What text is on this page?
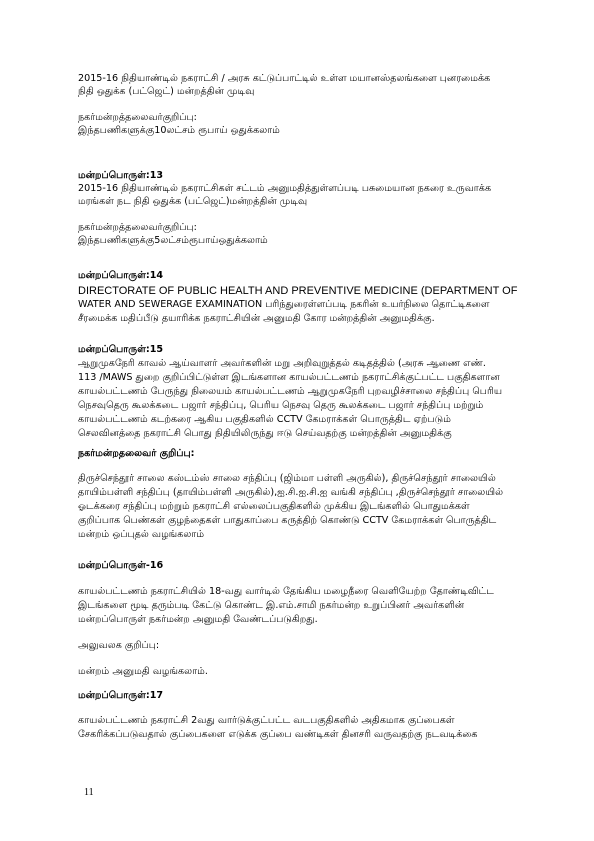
2015-16 நிதியாண்டில் நகராட்சி / அரசு கட்டுப்பாட்டில் உள்ள மயானஸ்தலங்களை புனரமைக்க
நிதி ஒதுக்க (பட்ஜெட்) மன்றத்தின் முடிவு
நகர்மன்றத்தலைவர்குறிப்பு:
இந்தபணிகளுக்கு10லட்சம் ரூபாய் ஒதுக்கலாம்
மன்றப்பொருள்:13
2015-16 நிதியாண்டில் நகராட்சிகள் சட்டம் அனுமதித்துள்ளப்படி பசுமையான நகரை உருவாக்க
மரங்கள் நட நிதி ஒதுக்க (பட்ஜெட்)மன்றத்தின் முடிவு
நகர்மன்றத்தலைவர்குறிப்பு:
இந்தபணிகளுக்கு5லட்சம்ரூபாய்ஒதுக்கலாம்
மன்றப்பொருள்:14
DIRECTORATE OF PUBLIC HEALTH AND PREVENTIVE MEDICINE (DEPARTMENT OF
WATER AND SEWERAGE EXAMINATION பரிந்துரைள்ளப்படி நகரின் உயர்நிலை தொட்டிகளை
சீரமைக்க மதிப்பீடு தயாரிக்க நகராட்சியின் அனுமதி கோர மன்றத்தின் அனுமதிக்கு.
மன்றப்பொருள்:15
ஆறுமுகநேரி காவல் ஆய்வாளர் அவர்களின் மறு அறிவுறுத்தல் கடிதத்தில் (அரசு ஆணை எண்.
113 /MAWS துறை குறிப்பிட்டுள்ள இடங்களான காயல்பட்டணம் நகராட்சிக்குட்பட்ட பகுதிகளான
காயல்பட்டணம் பேருந்து நிலையம் காயல்பட்டணம் ஆறுமுகநேரி புறவழிச்சாலை சந்திப்பு பெரிய
நெசவுதெரு கூலக்கடை பஜார் சந்திப்பு, பெரிய நெசவு தெரு கூலக்கடை பஜார் சந்திப்பு மற்றும்
காயல்பட்டணம் கடற்கரை ஆகிய பகுதிகளில் CCTV கேமராக்கள் பொருத்திட ஏற்படும்
செலவினத்தை நகராட்சி பொது நிதியிலிருந்து ஈடு செய்வதற்கு மன்றத்தின் அனுமதிக்கு
நகர்மன்றதலைவர் குறிப்பு:
திருச்செந்தூர் சாலை கஸ்டம்ஸ் சாலை சந்திப்பு (ஜிம்மா பள்ளி அருகில்), திருச்செந்தூர் சாலையில்
தாயிம்பள்ளி சந்திப்பு (தாயிம்பள்ளி அருகில்),ஐ.சி.ஐ.சி.ஐ வங்கி சந்திப்பு ,திருச்செந்தூர் சாலையில்
ஓடக்கரை சந்திப்பு மற்றும் நகராட்சி எல்லைப்பகுதிகளில் முக்கிய இடங்களில் பொதுமக்கள்
குறிப்பாக பெண்கள் குழந்தைகள் பாதுகாப்பை கருத்திற் கொண்டு CCTV கேமராக்கள் பொருத்திட
மன்றம் ஒப்புதல் வழங்கலாம்
மன்றப்பொருள்-16
காயல்பட்டணம் நகராட்சியில் 18-வது வார்டில் தேங்கிய மழைநீரை வெளியேற்ற தோண்டிவிட்ட
இடங்களை மூடி தரும்படி கேட்டு கொண்ட இ.எம்.சாமி நகர்மன்ற உறுப்பினர் அவர்களின்
மன்றப்பொருள் நகர்மன்ற அனுமதி வேண்டப்படுகிறது.
அலுவலக குறிப்பு:
மன்றம் அனுமதி வழங்கலாம்.
மன்றப்பொருள்:17
காயல்பட்டணம் நகராட்சி 2வது வார்டுக்குட்பட்ட வடபகுதிகளில் அதிகமாக குப்பைகள்
சேகரிக்கப்படுவதால் குப்பைகளை எடுக்க குப்பை வண்டிகள் தினசரி வருவதற்கு நடவடிக்கை
11
